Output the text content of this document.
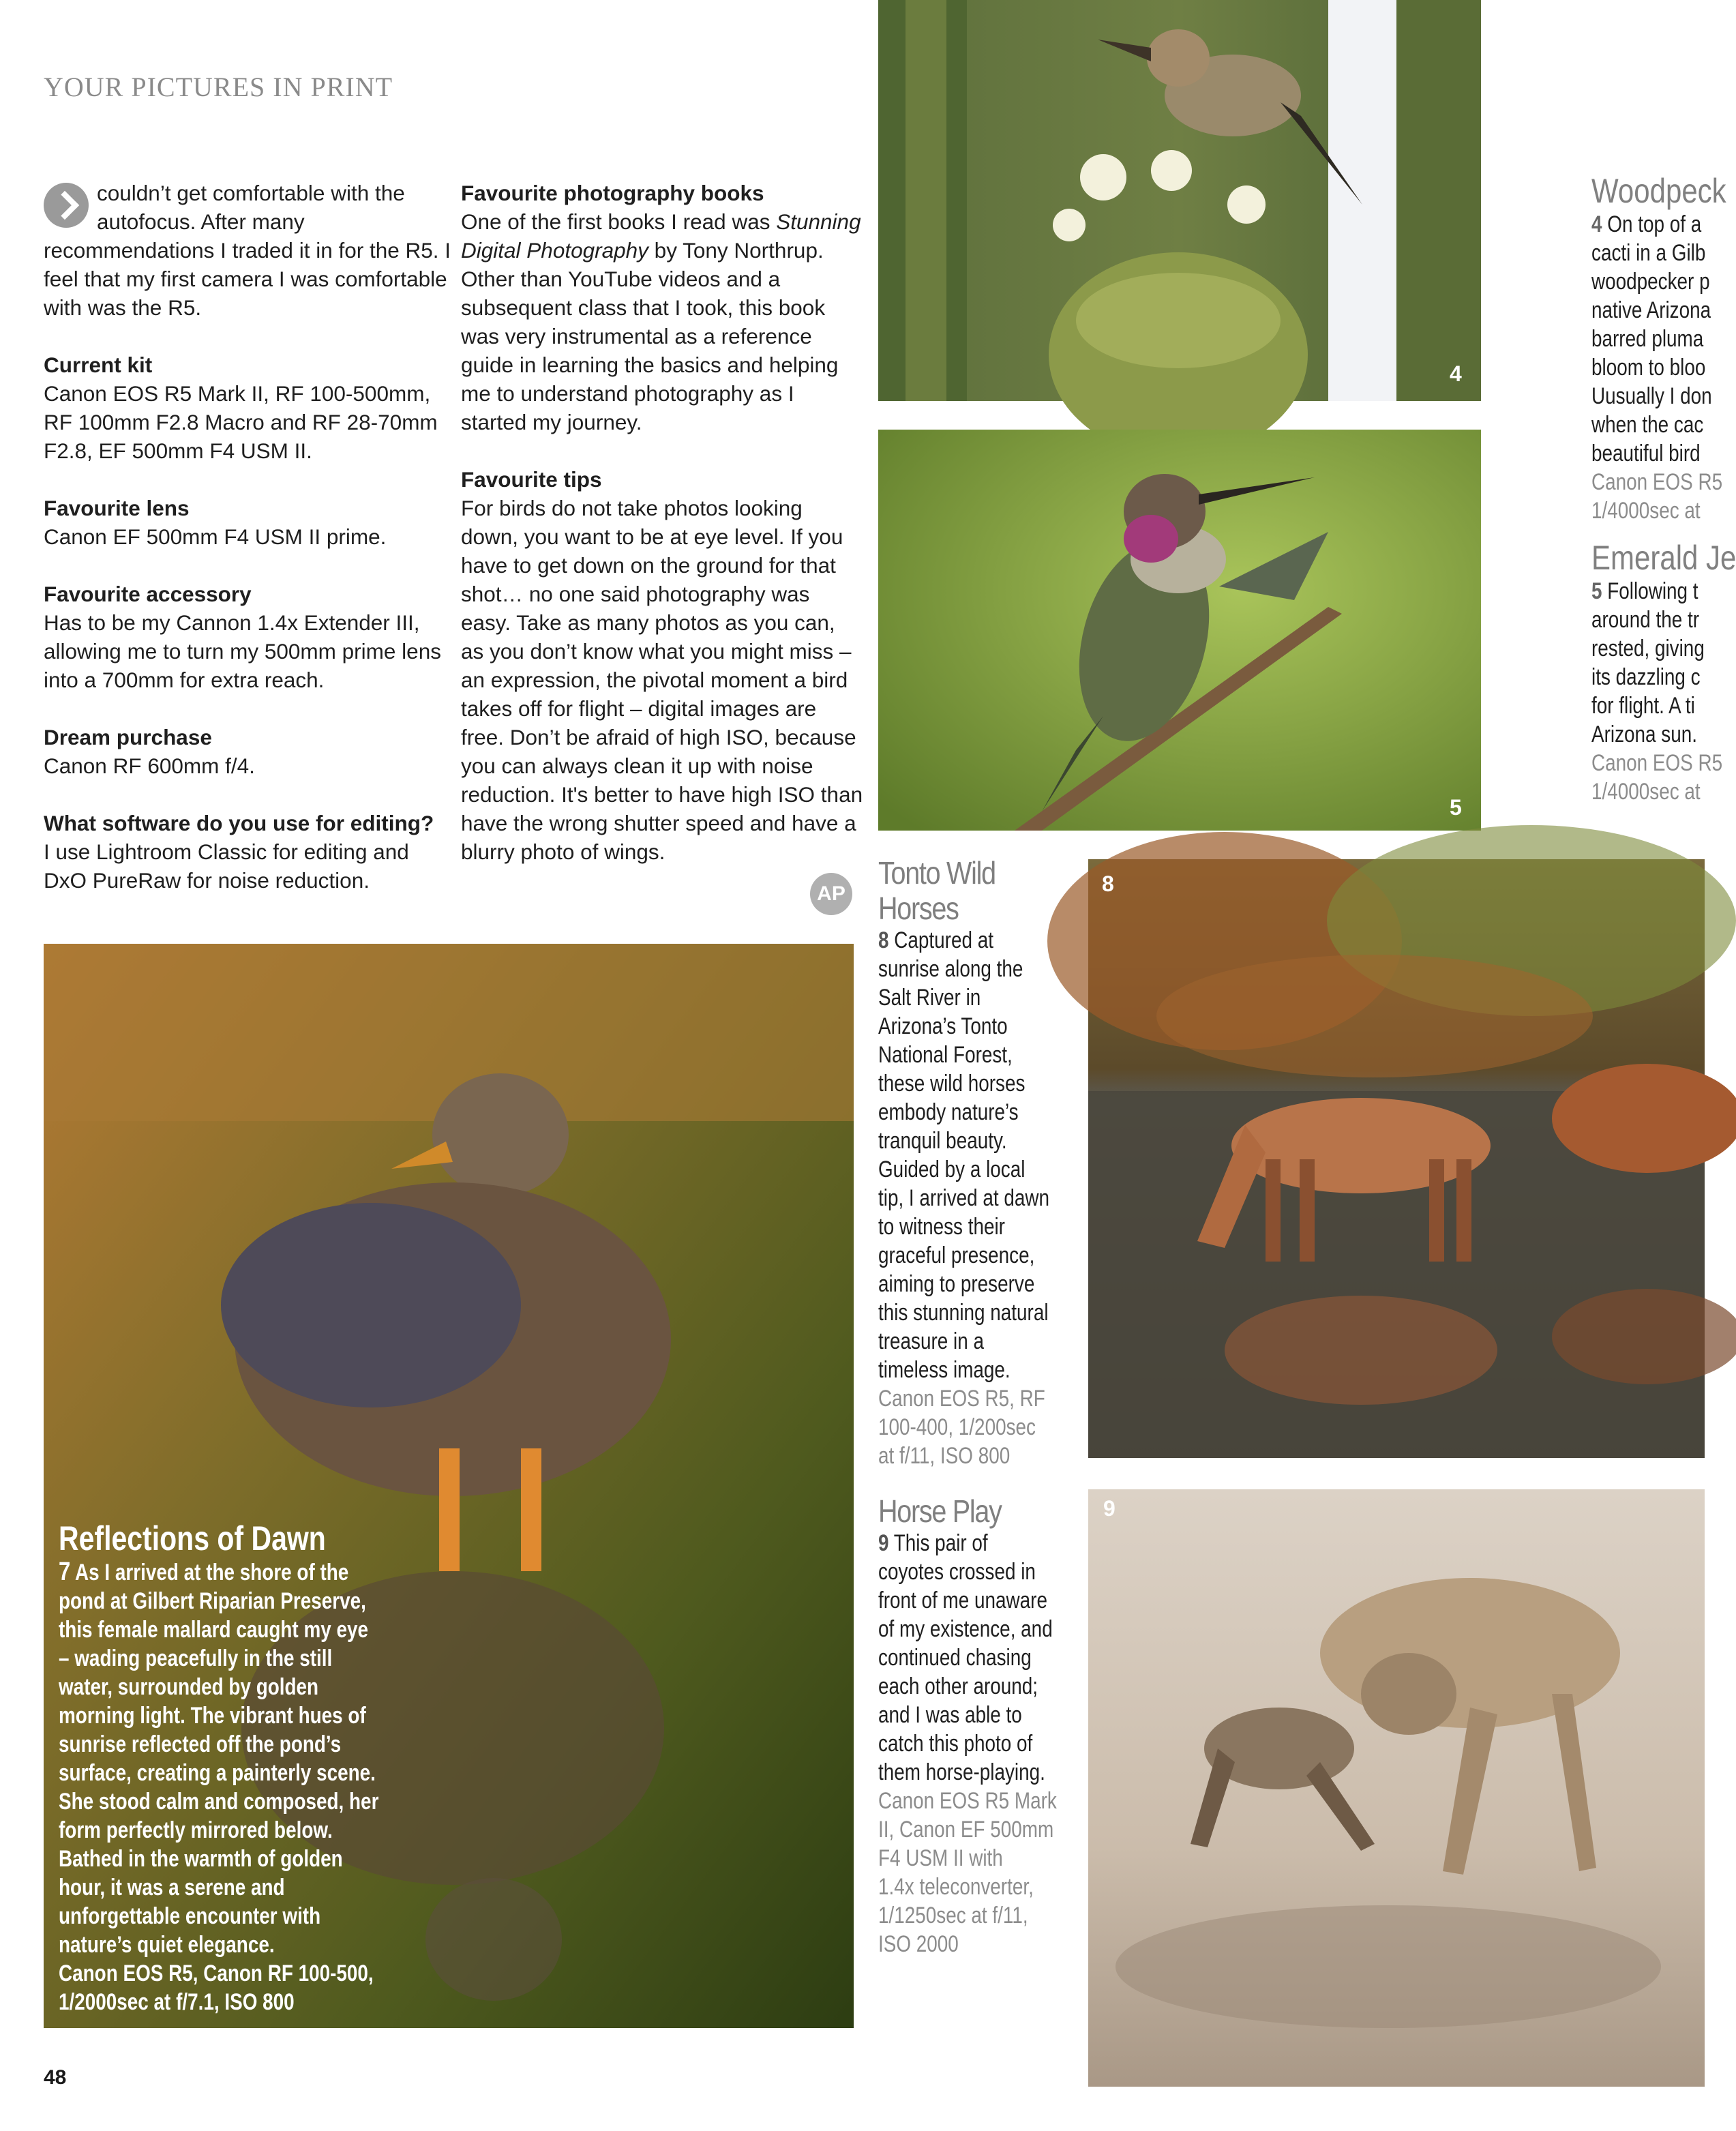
YOUR PICTURES IN PRINT

couldn’t get comfortable with the autofocus. After many recommendations I traded it in for the R5. I feel that my first camera I was comfortable with was the R5.

Current kit
Canon EOS R5 Mark II, RF 100-500mm, RF 100mm F2.8 Macro and RF 28-70mm F2.8, EF 500mm F4 USM II.

Favourite lens
Canon EF 500mm F4 USM II prime.

Favourite accessory
Has to be my Cannon 1.4x Extender III, allowing me to turn my 500mm prime lens into a 700mm for extra reach.

Dream purchase
Canon RF 600mm f/4.

What software do you use for editing?
I use Lightroom Classic for editing and DxO PureRaw for noise reduction.

Favourite photography books
One of the first books I read was Stunning Digital Photography by Tony Northrup. Other than YouTube videos and a subsequent class that I took, this book was very instrumental as a reference guide in learning the basics and helping me to understand photography as I started my journey.

Favourite tips
For birds do not take photos looking down, you want to be at eye level. If you have to get down on the ground for that shot… no one said photography was easy. Take as many photos as you can, as you don’t know what you might miss – an expression, the pivotal moment a bird takes off for flight – digital images are free. Don’t be afraid of high ISO, because you can always clean it up with noise reduction. It's better to have high ISO than have the wrong shutter speed and have a blurry photo of wings.

AP
4
5
Woodpeck
4 On top of a
cacti in a Gilb
woodpecker p
native Arizona
barred pluma
bloom to bloo
Uusually I don
when the cac
beautiful bird
Canon EOS R5
1/4000sec at
Emerald Je
5 Following t
around the tr
rested, giving
its dazzling c
for flight. A ti
Arizona sun.
Canon EOS R5
1/4000sec at
Tonto Wild
Horses
8 Captured at
sunrise along the
Salt River in
Arizona’s Tonto
National Forest,
these wild horses
embody nature’s
tranquil beauty.
Guided by a local
tip, I arrived at dawn
to witness their
graceful presence,
aiming to preserve
this stunning natural
treasure in a
timeless image.
Canon EOS R5, RF
100-400, 1/200sec
at f/11, ISO 800
Horse Play
9 This pair of
coyotes crossed in
front of me unaware
of my existence, and
continued chasing
each other around;
and I was able to
catch this photo of
them horse-playing.
Canon EOS R5 Mark
II, Canon EF 500mm
F4 USM II with
1.4x teleconverter,
1/1250sec at f/11,
ISO 2000
8
9
Reflections of Dawn
7 As I arrived at the shore of the
pond at Gilbert Riparian Preserve,
this female mallard caught my eye
– wading peacefully in the still
water, surrounded by golden
morning light. The vibrant hues of
sunrise reflected off the pond’s
surface, creating a painterly scene.
She stood calm and composed, her
form perfectly mirrored below.
Bathed in the warmth of golden
hour, it was a serene and
unforgettable encounter with
nature’s quiet elegance.
Canon EOS R5, Canon RF 100-500,
1/2000sec at f/7.1, ISO 800
48
